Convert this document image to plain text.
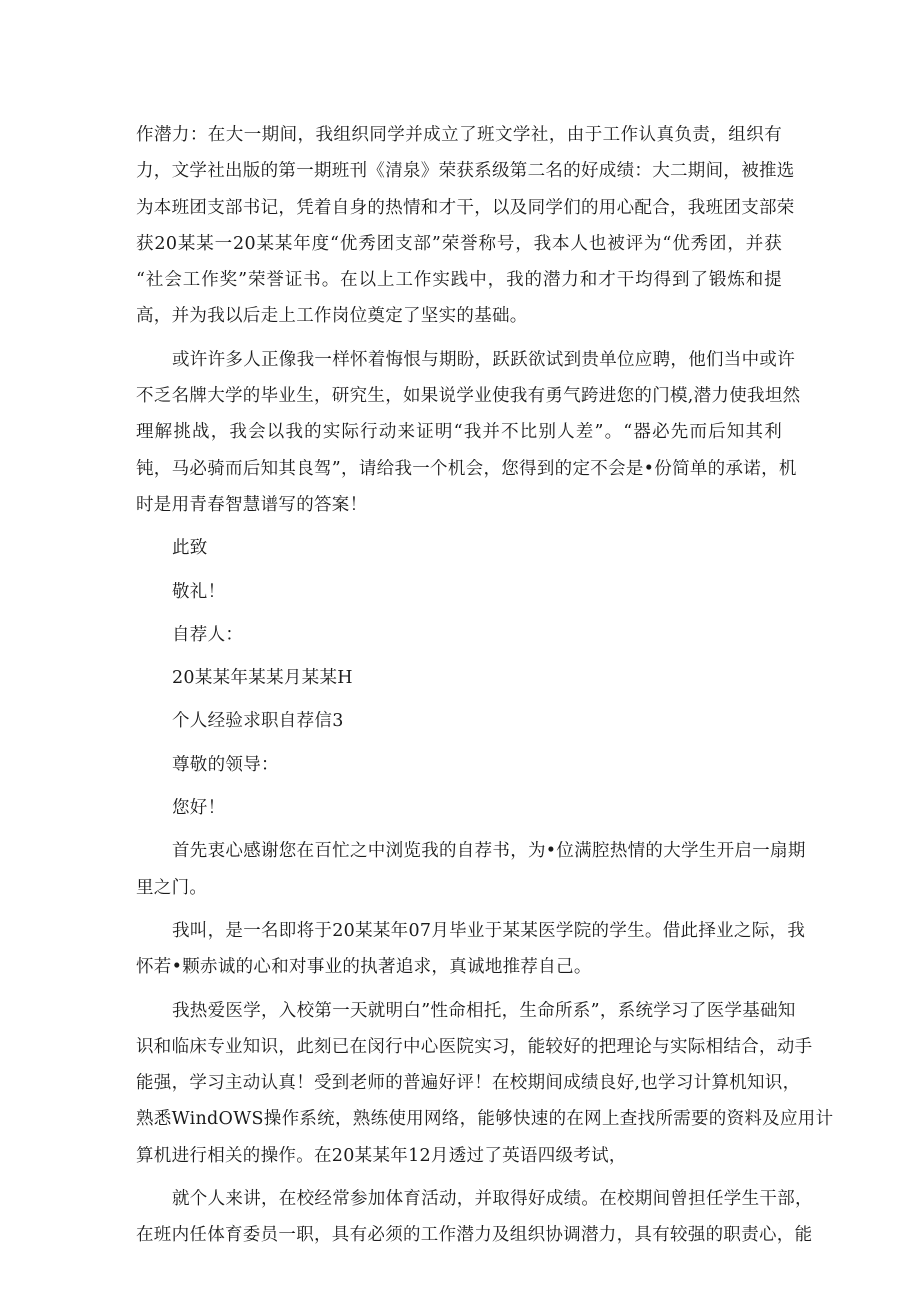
作潜力：在大一期间，我组织同学并成立了班文学社，由于工作认真负责，组织有
力，文学社出版的第一期班刊《清泉》荣获系级第二名的好成绩：大二期间，被推选
为本班团支部书记，凭着自身的热情和才干，以及同学们的用心配合，我班团支部荣
获20某某一20某某年度“优秀团支部”荣誉称号，我本人也被评为“优秀团，并获
“社会工作奖”荣誉证书。在以上工作实践中，我的潜力和才干均得到了锻炼和提
高，并为我以后走上工作岗位奠定了坚实的基础。

或许许多人正像我一样怀着悔恨与期盼，跃跃欲试到贵单位应聘，他们当中或许
不乏名牌大学的毕业生，研究生，如果说学业使我有勇气跨进您的门模,潜力使我坦然
理解挑战，我会以我的实际行动来证明“我并不比别人差”。“器必先而后知其利
钝，马必骑而后知其良驾”，请给我一个机会，您得到的定不会是•份简单的承诺，机
时是用青春智慧谱写的答案！

此致

敬礼！

自荐人：

20某某年某某月某某H

个人经验求职自荐信3

尊敬的领导：

您好！

首先衷心感谢您在百忙之中浏览我的自荐书，为•位满腔热情的大学生开启一扇期
里之门。

我叫，是一名即将于20某某年07月毕业于某某医学院的学生。借此择业之际，我
怀若•颗赤诚的心和对事业的执著追求，真诚地推荐自己。

我热爱医学，入校第一天就明白”性命相托，生命所系”，系统学习了医学基础知
识和临床专业知识，此刻已在闵行中心医院实习，能较好的把理论与实际相结合，动手
能强，学习主动认真！受到老师的普遍好评！在校期间成绩良好,也学习计算机知识，
熟悉WindOWS操作系统，熟练使用网络，能够快速的在网上查找所需要的资料及应用计
算机进行相关的操作。在20某某年12月透过了英语四级考试，

就个人来讲，在校经常参加体育活动，并取得好成绩。在校期间曾担任学生干部，
在班内任体育委员一职，具有必须的工作潜力及组织协调潜力，具有较强的职责心，能
